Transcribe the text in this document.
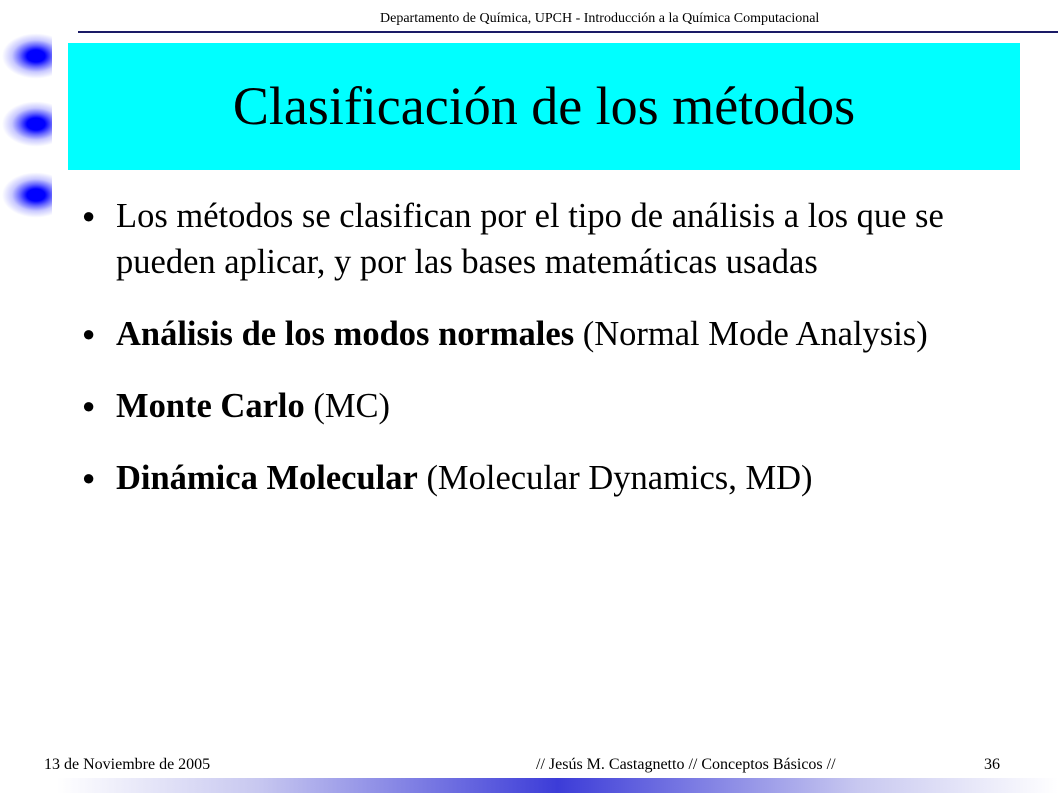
Departamento de Química, UPCH - Introducción a la Química Computacional
Clasificación de los métodos
● Los métodos se clasifican por el tipo de análisis a los que se pueden aplicar, y por las bases matemáticas usadas
● Análisis de los modos normales (Normal Mode Analysis)
● Monte Carlo (MC)
● Dinámica Molecular (Molecular Dynamics, MD)
13 de Noviembre de 2005	// Jesús M. Castagnetto // Conceptos Básicos //	36
